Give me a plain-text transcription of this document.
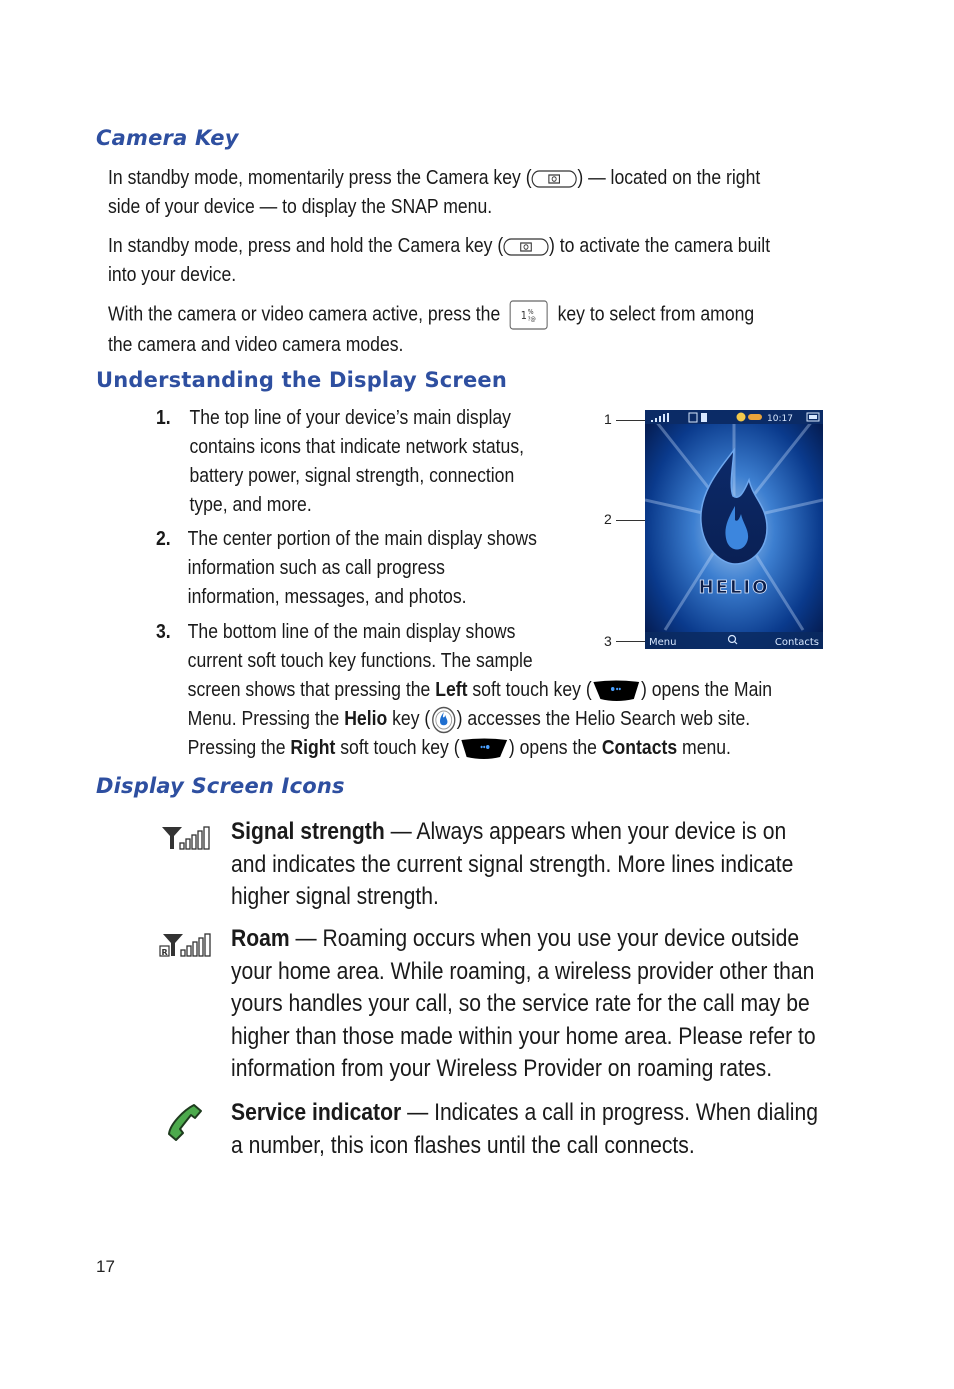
Camera Key
In standby mode, momentarily press the Camera key ( ) — located on the right
side of your device — to display the SNAP menu.
In standby mode, press and hold the Camera key ( ) to activate the camera built
into your device.
With the camera or video camera active, press the 1 %
?@ key to select from among
the camera and video camera modes.
Understanding the Display Screen
1. The top line of your device’s main display
contains icons that indicate network status,
battery power, signal strength, connection
type, and more.
2. The center portion of the main display shows
information such as call progress
information, messages, and photos.
3. The bottom line of the main display shows
current soft touch key functions. The sample
screen shows that pressing the Left soft touch key ( ) opens the Main
Menu. Pressing the Helio key ( ) accesses the Helio Search web site.
Pressing the Right soft touch key ( ) opens the Contacts menu.
1
2
3
10:17
HELIO
Menu	Contacts
Display Screen Icons
Signal strength — Always appears when your device is on
and indicates the current signal strength. More lines indicate
higher signal strength.
R
Roam — Roaming occurs when you use your device outside
your home area. While roaming, a wireless provider other than
yours handles your call, so the service rate for the call may be
higher than those made within your home area. Please refer to
information from your Wireless Provider on roaming rates.
Service indicator — Indicates a call in progress. When dialing
a number, this icon flashes until the call connects.
17
